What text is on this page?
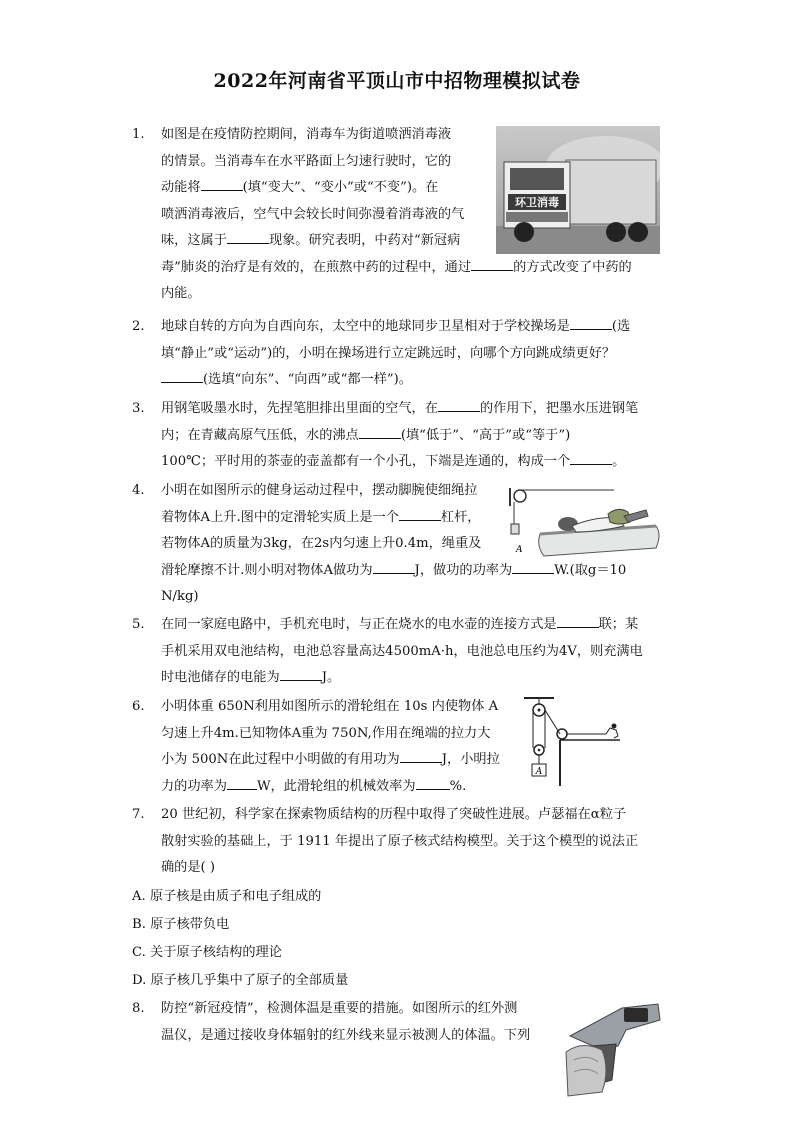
2022年河南省平顶山市中招物理模拟试卷
1. 如图是在疫情防控期间，消毒车为街道喷洒消毒液
的情景。当消毒车在水平路面上匀速行驶时，它的
动能将	(填“变大”、“变小”或“不变”)。在
喷洒消毒液后，空气中会较长时间弥漫着消毒液的气
味，这属于	现象。研究表明，中药对“新冠病
毒”肺炎的治疗是有效的，在煎熬中药的过程中，通过	的方式改变了中药的
内能。
环卫消毒
2. 地球自转的方向为自西向东，太空中的地球同步卫星相对于学校操场是	(选
填“静止”或“运动”)的，小明在操场进行立定跳远时，向哪个方向跳成绩更好？
(选填“向东”、“向西”或“都一样”)。
3. 用钢笔吸墨水时，先捏笔胆排出里面的空气，在	的作用下，把墨水压进钢笔
内；在青藏高原气压低，水的沸点	(填“低于”、“高于”或“等于”)
100℃；平时用的茶壶的壶盖都有一个小孔，下端是连通的，构成一个	。
4. 小明在如图所示的健身运动过程中，摆动脚腕使细绳拉
着物体A上升.图中的定滑轮实质上是一个	杠杆，
若物体A的质量为3kg，在2s内匀速上升0.4m，绳重及
滑轮摩擦不计.则小明对物体A做功为	J，做功的功率为	W.(取g＝10
N/kg)
A
5. 在同一家庭电路中，手机充电时，与正在烧水的电水壶的连接方式是	联；某
手机采用双电池结构，电池总容量高达4500mA·h，电池总电压约为4V，则充满电
时电池储存的电能为	J。
6. 小明体重 650N利用如图所示的滑轮组在 10s 内使物体 A
匀速上升4m.已知物体A重为 750N,作用在绳端的拉力大
小为 500N在此过程中小明做的有用功为	J，小明拉
力的功率为 W，此滑轮组的机械效率为	%.
A
7. 20 世纪初，科学家在探索物质结构的历程中取得了突破性进展。卢瑟福在α粒子
散射实验的基础上，于 1911 年提出了原子核式结构模型。关于这个模型的说法正
确的是( )
A. 原子核是由质子和电子组成的
B. 原子核带负电
C. 关于原子核结构的理论
D. 原子核几乎集中了原子的全部质量
8. 防控“新冠疫情”，检测体温是重要的措施。如图所示的红外测
温仪，是通过接收身体辐射的红外线来显示被测人的体温。下列
